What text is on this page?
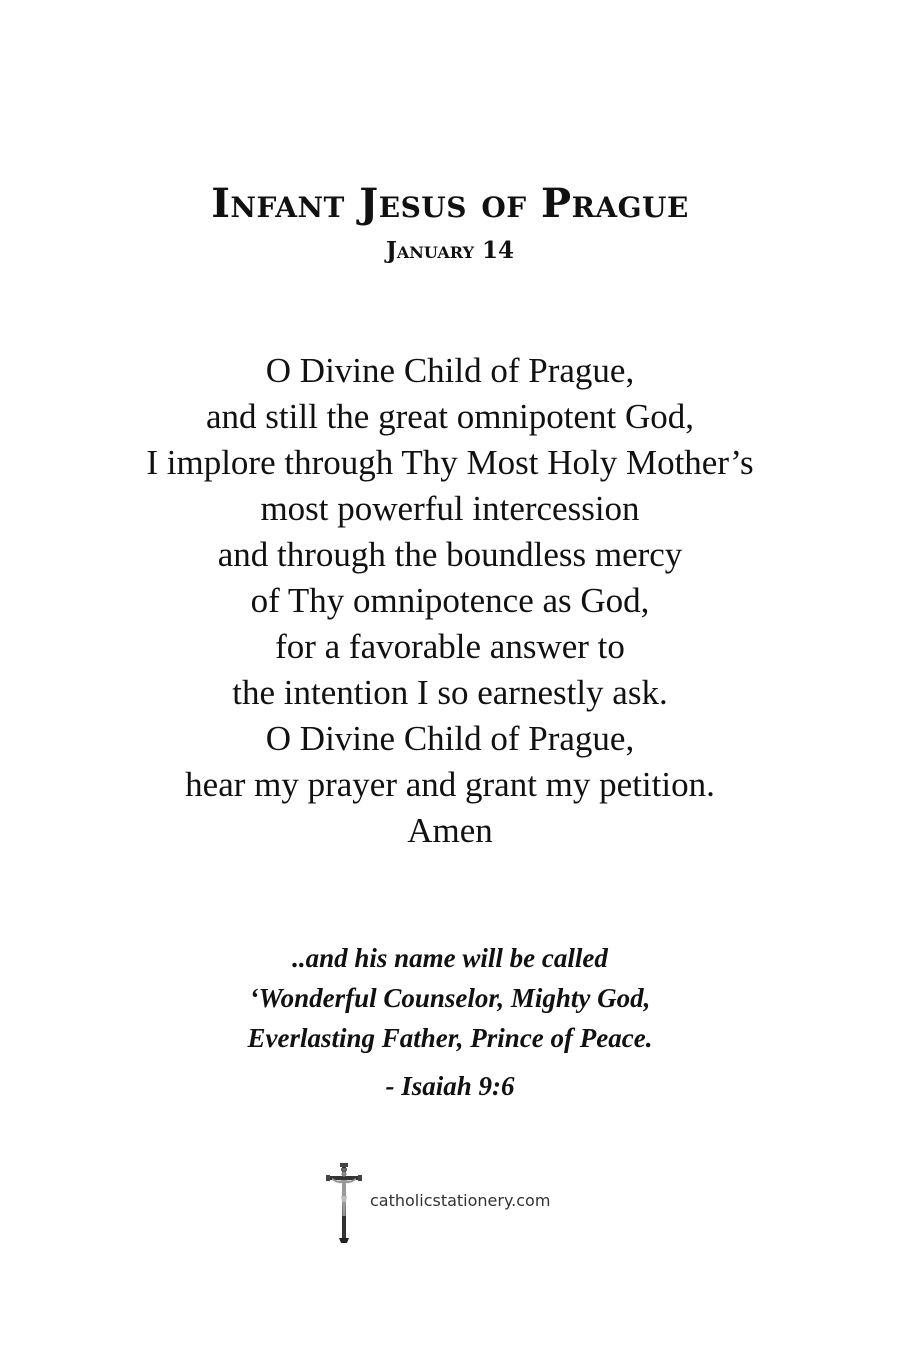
Infant Jesus of Prague
January 14
O Divine Child of Prague,
and still the great omnipotent God,
I implore through Thy Most Holy Mother’s
most powerful intercession
and through the boundless mercy
of Thy omnipotence as God,
for a favorable answer to
the intention I so earnestly ask.
O Divine Child of Prague,
hear my prayer and grant my petition.
Amen
..and his name will be called
‘Wonderful Counselor, Mighty God,
Everlasting Father, Prince of Peace.
- Isaiah 9:6
catholicstationery.com
